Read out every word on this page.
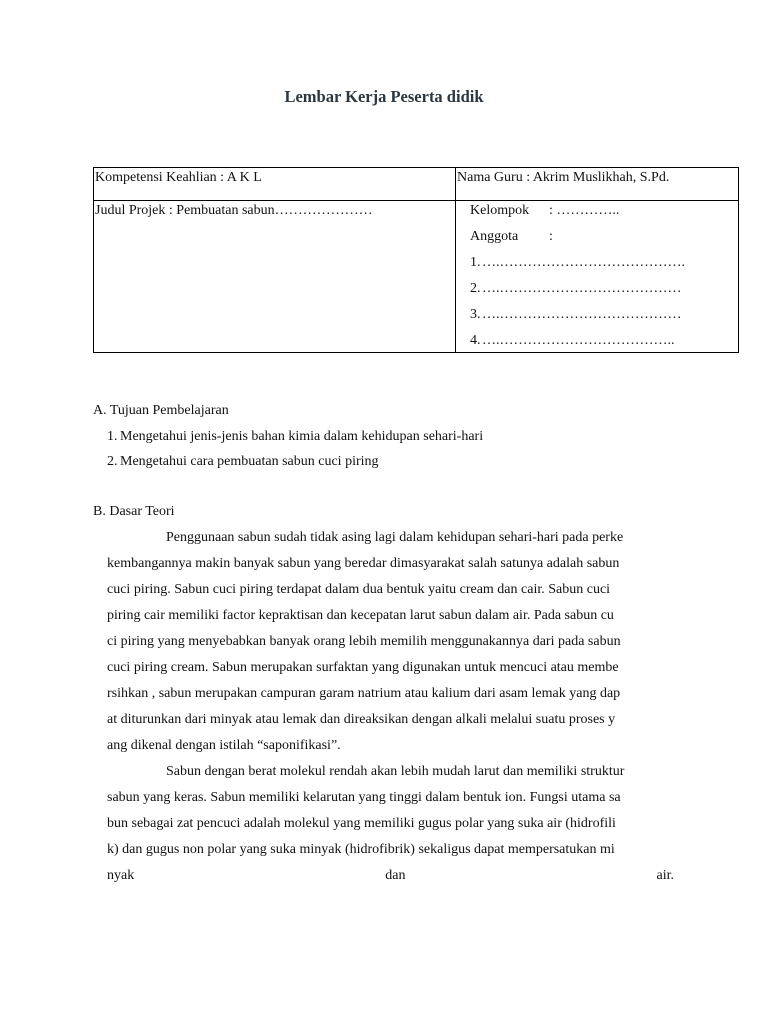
Lembar Kerja Peserta didik
Kompetensi Keahlian : A K L	Nama Guru : Akrim Muslikhah, S.Pd.
Judul Projek : Pembuatan sabun…………………	Kelompok : …………..
Anggota :
1. ….………………………………….
2. ….…………………………………
3. ….…………………………………
4. ….………………………………..
A. Tujuan Pembelajaran
1. Mengetahui jenis-jenis bahan kimia dalam kehidupan sehari-hari
2. Mengetahui cara pembuatan sabun cuci piring
B. Dasar Teori
Penggunaan sabun sudah tidak asing lagi dalam kehidupan sehari-hari pada perke
kembangannya makin banyak sabun yang beredar dimasyarakat salah satunya adalah sabun
cuci piring. Sabun cuci piring terdapat dalam dua bentuk yaitu cream dan cair. Sabun cuci
piring cair memiliki factor kepraktisan dan kecepatan larut sabun dalam air. Pada sabun cu
ci piring yang menyebabkan banyak orang lebih memilih menggunakannya dari pada sabun
cuci piring cream. Sabun merupakan surfaktan yang digunakan untuk mencuci atau membe
rsihkan , sabun merupakan campuran garam natrium atau kalium dari asam lemak yang dap
at diturunkan dari minyak atau lemak dan direaksikan dengan alkali melalui suatu proses y
ang dikenal dengan istilah “saponifikasi”.
Sabun dengan berat molekul rendah akan lebih mudah larut dan memiliki struktur
sabun yang keras. Sabun memiliki kelarutan yang tinggi dalam bentuk ion. Fungsi utama sa
bun sebagai zat pencuci adalah molekul yang memiliki gugus polar yang suka air (hidrofili
k) dan gugus non polar yang suka minyak (hidrofibrik) sekaligus dapat mempersatukan mi
nyak	dan	air.
